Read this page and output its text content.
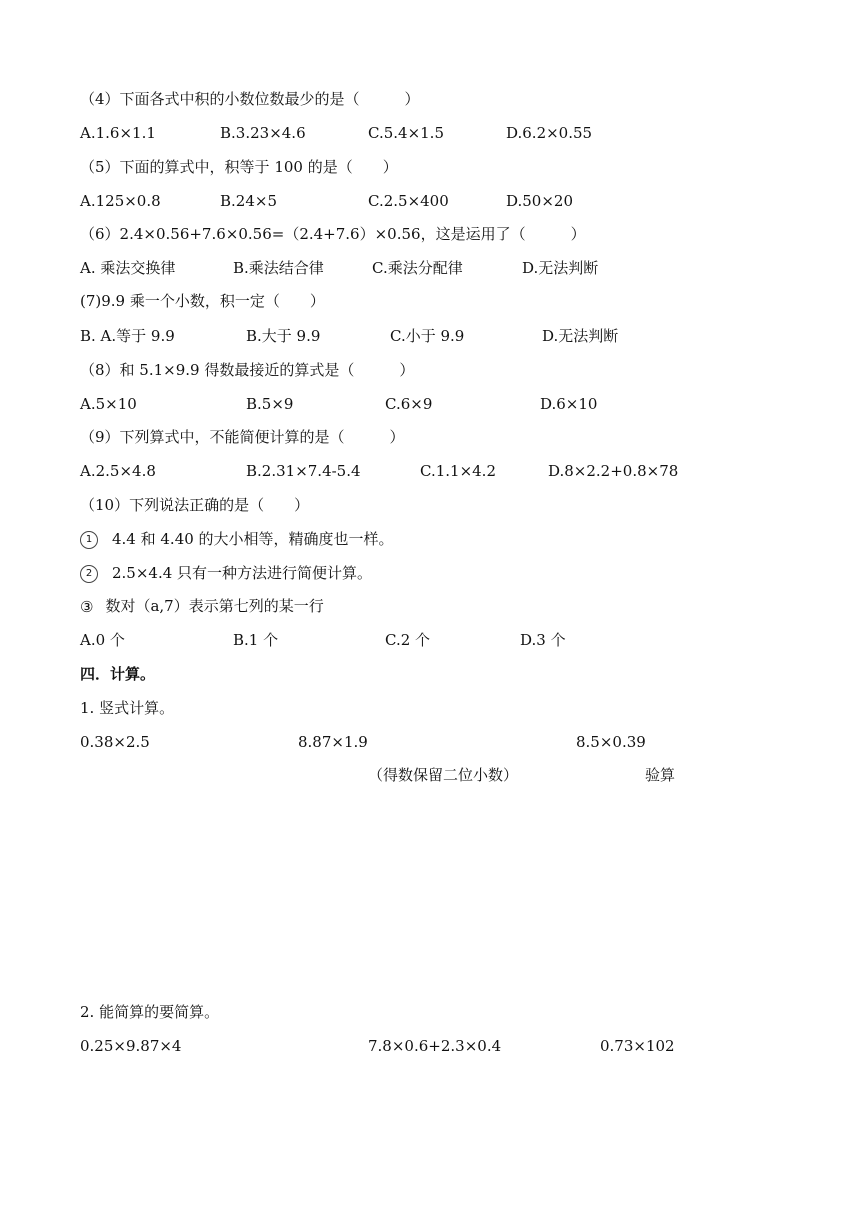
（4）下面各式中积的小数位数最少的是（　　　）
A.1.6×1.1	B.3.23×4.6	C.5.4×1.5	D.6.2×0.55
（5）下面的算式中，积等于 100 的是（　　）
A.125×0.8	B.24×5	C.2.5×400	D.50×20
（6）2.4×0.56+7.6×0.56=（2.4+7.6）×0.56，这是运用了（　　　）
A. 乘法交换律	B.乘法结合律	C.乘法分配律	D.无法判断
(7)9.9 乘一个小数，积一定（　　）
B. A.等于 9.9	B.大于 9.9	C.小于 9.9	D.无法判断
（8）和 5.1×9.9 得数最接近的算式是（　　　）
A.5×10	B.5×9	C.6×9	D.6×10
（9）下列算式中，不能简便计算的是（　　　）
A.2.5×4.8	B.2.31×7.4-5.4	C.1.1×4.2	D.8×2.2+0.8×78
（10）下列说法正确的是（　　）
1 4.4 和 4.40 的大小相等，精确度也一样。
2 2.5×4.4 只有一种方法进行简便计算。
③ 数对（a,7）表示第七列的某一行
A.0 个	B.1 个	C.2 个	D.3 个
四．计算。
1. 竖式计算。
0.38×2.5	8.87×1.9	8.5×0.39
（得数保留二位小数）	验算
2. 能简算的要简算。
0.25×9.87×4	7.8×0.6+2.3×0.4	0.73×102
